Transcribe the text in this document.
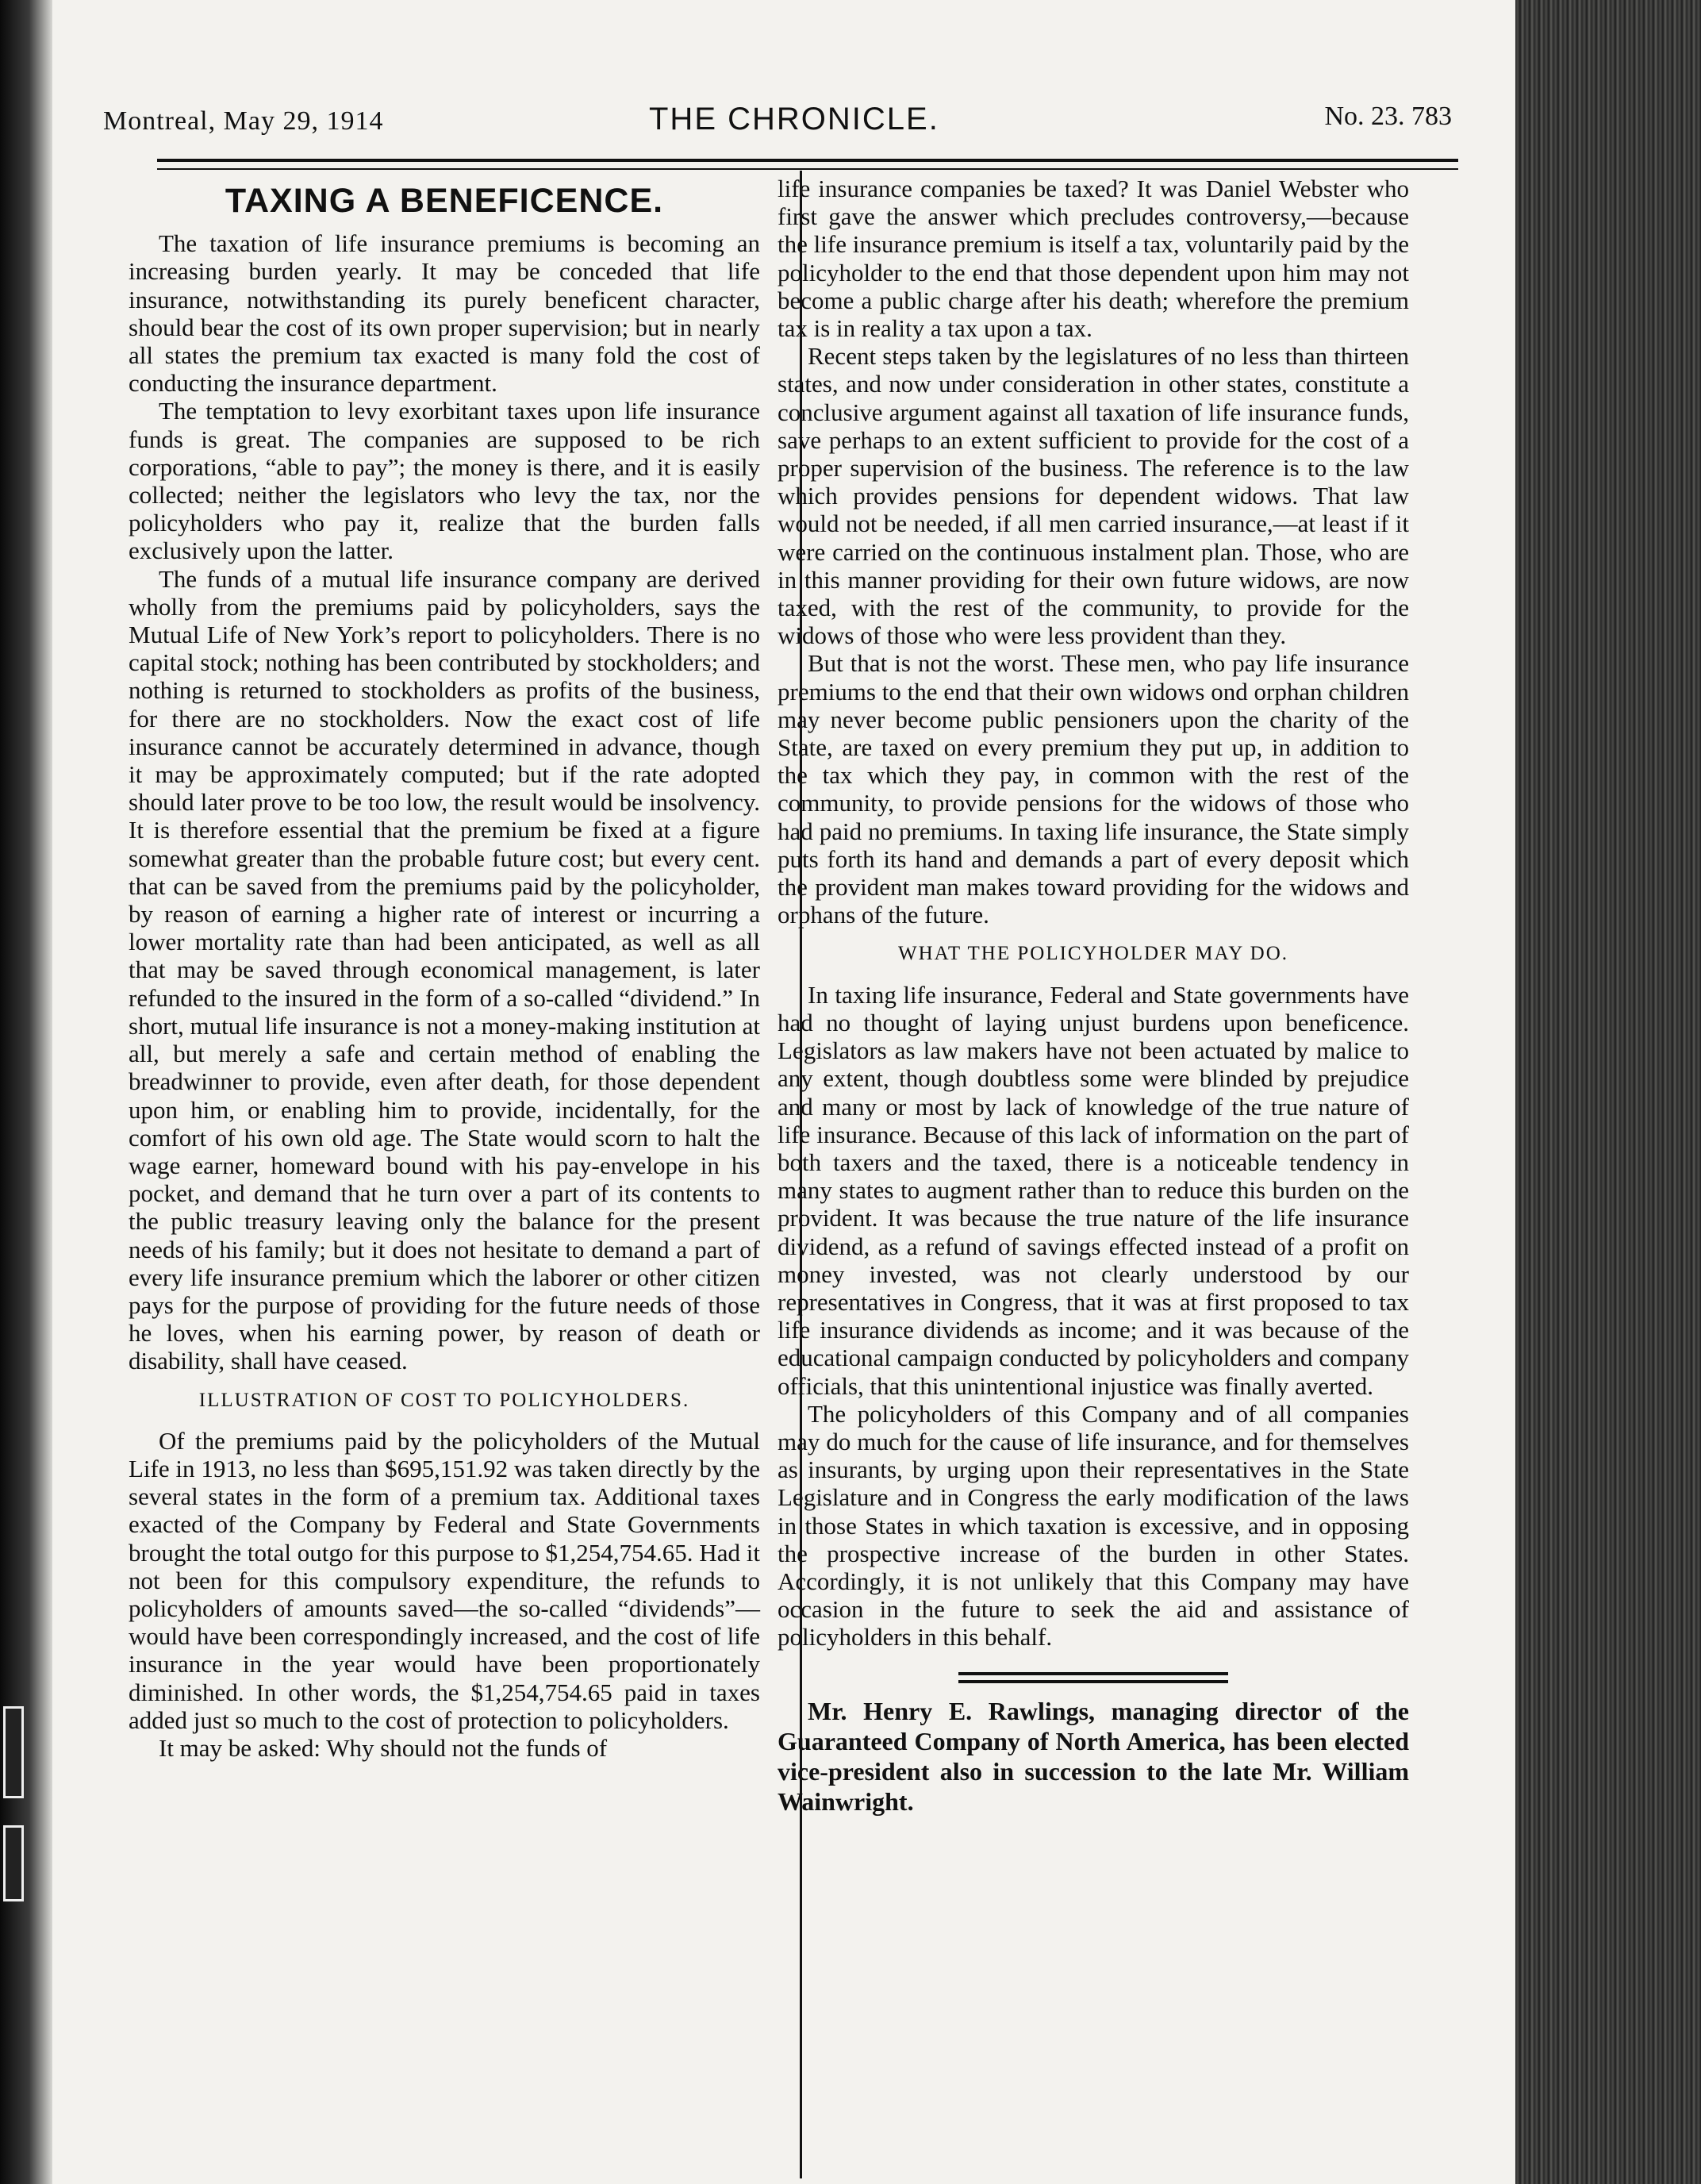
Montreal, May 29, 1914	THE CHRONICLE.	No. 23. 783
TAXING A BENEFICENCE.

The taxation of life insurance premiums is becoming an increasing burden yearly. It may be conceded that life insurance, notwithstanding its purely beneficent character, should bear the cost of its own proper supervision; but in nearly all states the premium tax exacted is many fold the cost of conducting the insurance department.

The temptation to levy exorbitant taxes upon life insurance funds is great. The companies are supposed to be rich corporations, “able to pay”; the money is there, and it is easily collected; neither the legislators who levy the tax, nor the policyholders who pay it, realize that the burden falls exclusively upon the latter.

The funds of a mutual life insurance company are derived wholly from the premiums paid by policyholders, says the Mutual Life of New York’s report to policyholders. There is no capital stock; nothing has been contributed by stockholders; and nothing is returned to stockholders as profits of the business, for there are no stockholders. Now the exact cost of life insurance cannot be accurately determined in advance, though it may be approximately computed; but if the rate adopted should later prove to be too low, the result would be insolvency. It is therefore essential that the premium be fixed at a figure somewhat greater than the probable future cost; but every cent. that can be saved from the premiums paid by the policyholder, by reason of earning a higher rate of interest or incurring a lower mortality rate than had been anticipated, as well as all that may be saved through economical management, is later refunded to the insured in the form of a so-called “dividend.” In short, mutual life insurance is not a money-making institution at all, but merely a safe and certain method of enabling the breadwinner to provide, even after death, for those dependent upon him, or enabling him to provide, incidentally, for the comfort of his own old age. The State would scorn to halt the wage earner, homeward bound with his pay-envelope in his pocket, and demand that he turn over a part of its contents to the public treasury leaving only the balance for the present needs of his family; but it does not hesitate to demand a part of every life insurance premium which the laborer or other citizen pays for the purpose of providing for the future needs of those he loves, when his earning power, by reason of death or disability, shall have ceased.

ILLUSTRATION OF COST TO POLICYHOLDERS.

Of the premiums paid by the policyholders of the Mutual Life in 1913, no less than $695,151.92 was taken directly by the several states in the form of a premium tax. Additional taxes exacted of the Company by Federal and State Governments brought the total outgo for this purpose to $1,254,754.65. Had it not been for this compulsory expenditure, the refunds to policyholders of amounts saved—the so-called “dividends”—would have been correspondingly increased, and the cost of life insurance in the year would have been proportionately diminished. In other words, the $1,254,754.65 paid in taxes added just so much to the cost of protection to policyholders.

It may be asked: Why should not the funds of

life insurance companies be taxed? It was Daniel Webster who first gave the answer which precludes controversy,—because the life insurance premium is itself a tax, voluntarily paid by the policyholder to the end that those dependent upon him may not become a public charge after his death; wherefore the premium tax is in reality a tax upon a tax.

Recent steps taken by the legislatures of no less than thirteen states, and now under consideration in other states, constitute a conclusive argument against all taxation of life insurance funds, save perhaps to an extent sufficient to provide for the cost of a proper supervision of the business. The reference is to the law which provides pensions for dependent widows. That law would not be needed, if all men carried insurance,—at least if it were carried on the continuous instalment plan. Those, who are in this manner providing for their own future widows, are now taxed, with the rest of the community, to provide for the widows of those who were less provident than they.

But that is not the worst. These men, who pay life insurance premiums to the end that their own widows ond orphan children may never become public pensioners upon the charity of the State, are taxed on every premium they put up, in addition to the tax which they pay, in common with the rest of the community, to provide pensions for the widows of those who had paid no premiums. In taxing life insurance, the State simply puts forth its hand and demands a part of every deposit which the provident man makes toward providing for the widows and orphans of the future.

WHAT THE POLICYHOLDER MAY DO.

In taxing life insurance, Federal and State governments have had no thought of laying unjust burdens upon beneficence. Legislators as law makers have not been actuated by malice to any extent, though doubtless some were blinded by prejudice and many or most by lack of knowledge of the true nature of life insurance. Because of this lack of information on the part of both taxers and the taxed, there is a noticeable tendency in many states to augment rather than to reduce this burden on the provident. It was because the true nature of the life insurance dividend, as a refund of savings effected instead of a profit on money invested, was not clearly understood by our representatives in Congress, that it was at first proposed to tax life insurance dividends as income; and it was because of the educational campaign conducted by policyholders and company officials, that this unintentional injustice was finally averted.

The policyholders of this Company and of all companies may do much for the cause of life insurance, and for themselves as insurants, by urging upon their representatives in the State Legislature and in Congress the early modification of the laws in those States in which taxation is excessive, and in opposing the prospective increase of the burden in other States. Accordingly, it is not unlikely that this Company may have occasion in the future to seek the aid and assistance of policyholders in this behalf.

Mr. Henry E. Rawlings, managing director of the Guaranteed Company of North America, has been elected vice-president also in succession to the late Mr. William Wainwright.
